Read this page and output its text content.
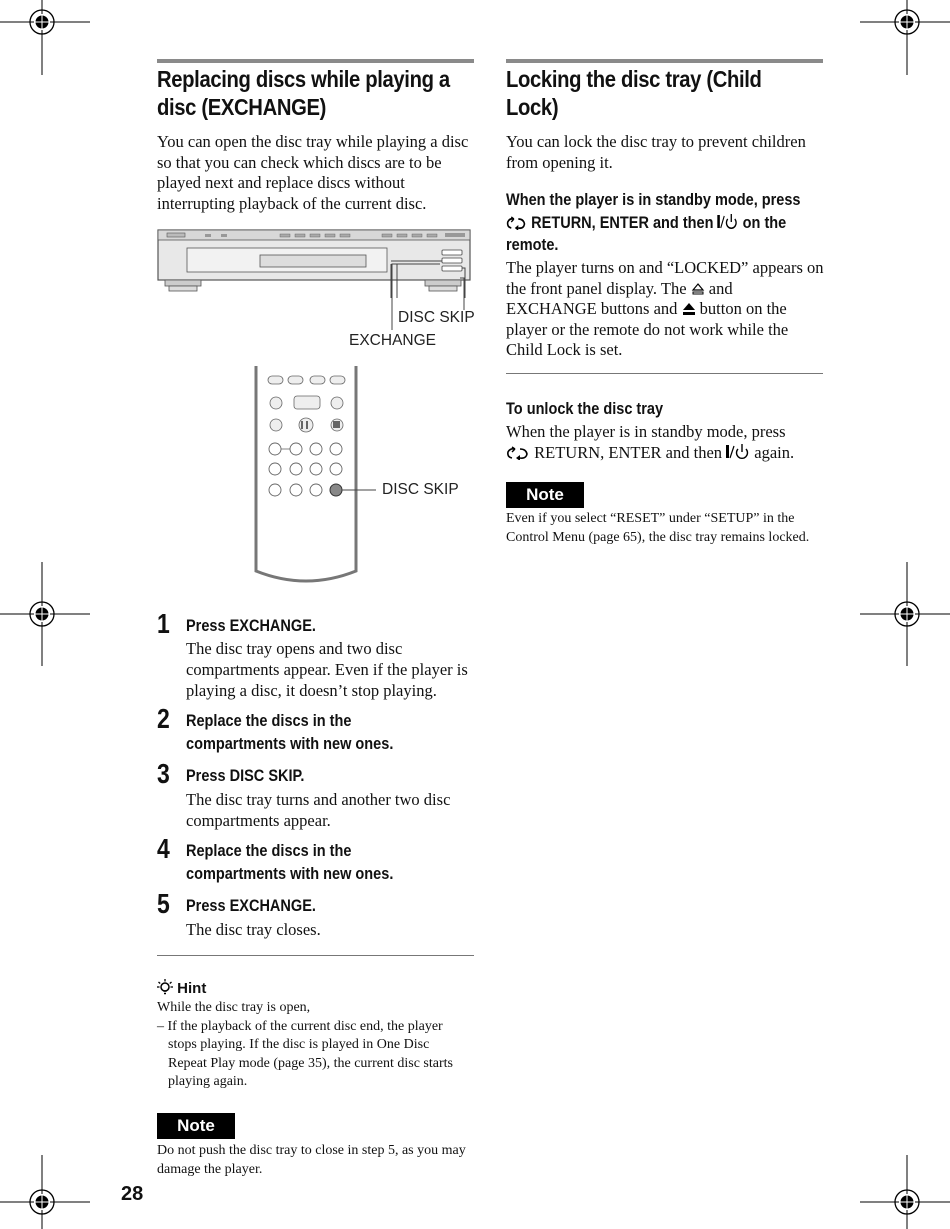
Replacing discs while playing a
disc (EXCHANGE)
You can open the disc tray while playing a disc so that you can check which discs are to be played next and replace discs without interrupting playback of the current disc.
DISC SKIP
EXCHANGE
DISC SKIP
1 Press EXCHANGE.
The disc tray opens and two disc compartments appear. Even if the player is playing a disc, it doesn’t stop playing.
2 Replace the discs in the
compartments with new ones.
3 Press DISC SKIP.
The disc tray turns and another two disc compartments appear.
4 Replace the discs in the
compartments with new ones.
5 Press EXCHANGE.
The disc tray closes.
Hint
While the disc tray is open,
– If the playback of the current disc end, the player
stops playing. If the disc is played in One Disc Repeat Play mode (page 35), the current disc starts playing again.
Note
Do not push the disc tray to close in step 5, as you may damage the player.
28
Locking the disc tray (Child
Lock)
You can lock the disc tray to prevent children from opening it.
When the player is in standby mode, press
RETURN, ENTER and then on the
remote.
The player turns on and “LOCKED” appears on the front panel display. The and EXCHANGE buttons and button on the player or the remote do not work while the Child Lock is set.
To unlock the disc tray
When the player is in standby mode, press
RETURN, ENTER and then again.
Note
Even if you select “RESET” under “SETUP” in the Control Menu (page 65), the disc tray remains locked.
